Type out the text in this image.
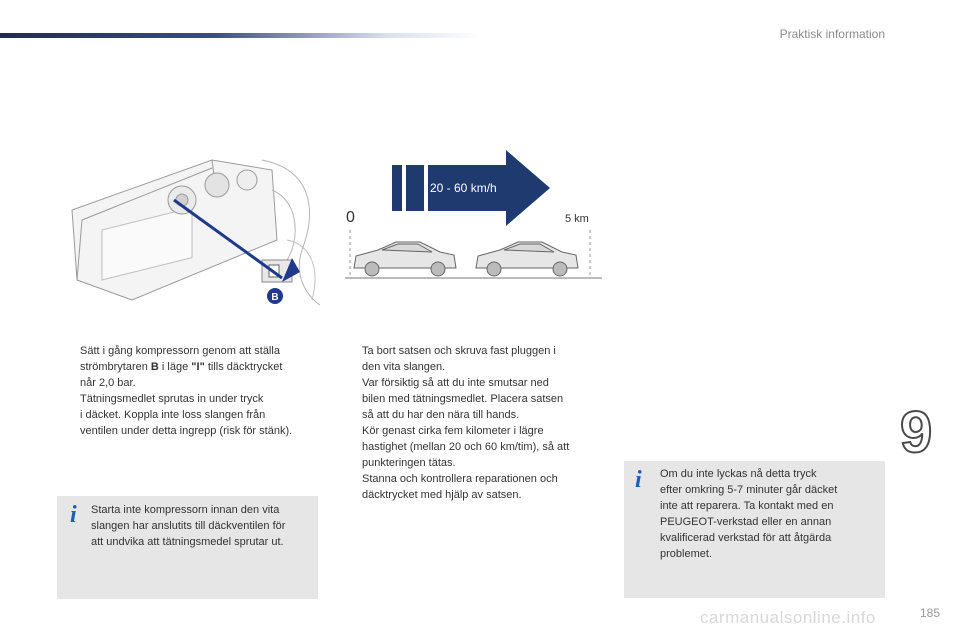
Praktisk information
B
20 - 60 km/h
0	5 km
Sätt i gång kompressorn genom att ställa
strömbrytaren B i läge "I" tills däcktrycket
når 2,0 bar.
Tätningsmedlet sprutas in under tryck
i däcket. Koppla inte loss slangen från
ventilen under detta ingrepp (risk för stänk).
i Starta inte kompressorn innan den vita
slangen har anslutits till däckventilen för
att undvika att tätningsmedel sprutar ut.
Ta bort satsen och skruva fast pluggen i
den vita slangen.
Var försiktig så att du inte smutsar ned
bilen med tätningsmedlet. Placera satsen
så att du har den nära till hands.
Kör genast cirka fem kilometer i lägre
hastighet (mellan 20 och 60 km/tim), så att
punkteringen tätas.
Stanna och kontrollera reparationen och
däcktrycket med hjälp av satsen.
i Om du inte lyckas nå detta tryck
efter omkring 5-7 minuter går däcket
inte att reparera. Ta kontakt med en
PEUGEOT-verkstad eller en annan
kvalificerad verkstad för att åtgärda
problemet.
9
185
carmanualsonline.info
